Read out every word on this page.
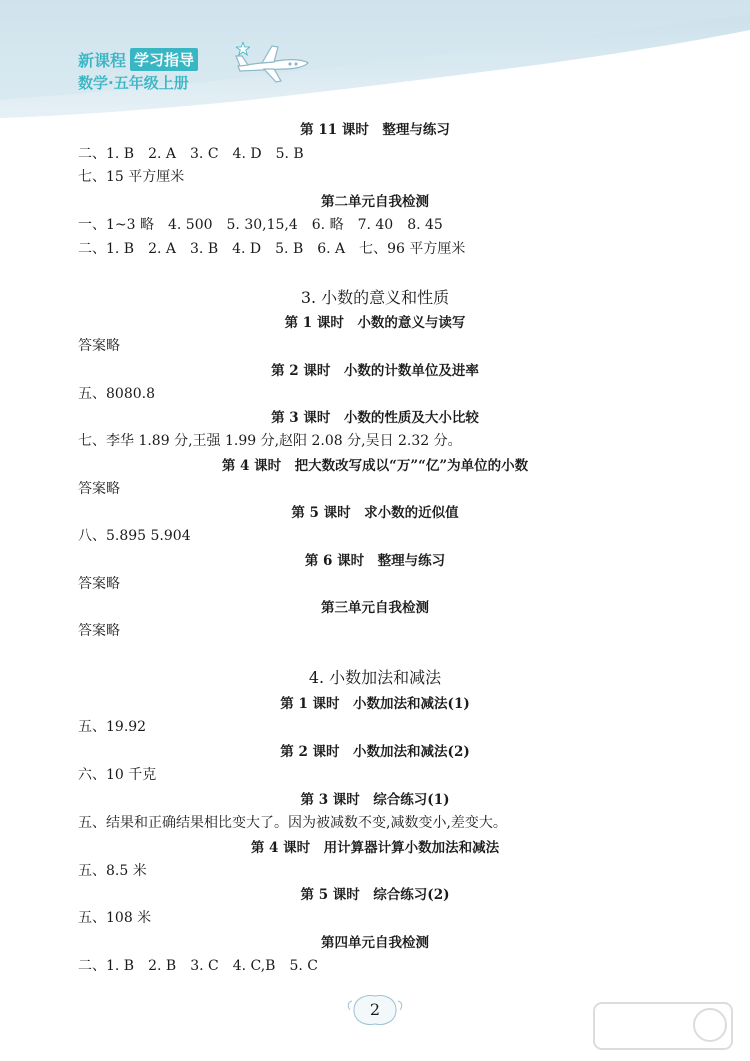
新课程 学习指导
数学·五年级上册
第 11 课时　整理与练习
二、1. B　2. A　3. C　4. D　5. B
七、15 平方厘米
第二单元自我检测
一、1~3 略　4. 500　5. 30,15,4　6. 略　7. 40　8. 45
二、1. B　2. A　3. B　4. D　5. B　6. A　七、96 平方厘米
3. 小数的意义和性质
第 1 课时　小数的意义与读写
答案略
第 2 课时　小数的计数单位及进率
五、8080.8
第 3 课时　小数的性质及大小比较
七、李华 1.89 分,王强 1.99 分,赵阳 2.08 分,吴日 2.32 分。
第 4 课时　把大数改写成以“万”“亿”为单位的小数
答案略
第 5 课时　求小数的近似值
八、5.895 5.904
第 6 课时　整理与练习
答案略
第三单元自我检测
答案略
4. 小数加法和减法
第 1 课时　小数加法和减法(1)
五、19.92
第 2 课时　小数加法和减法(2)
六、10 千克
第 3 课时　综合练习(1)
五、结果和正确结果相比变大了。因为被减数不变,减数变小,差变大。
第 4 课时　用计算器计算小数加法和减法
五、8.5 米
第 5 课时　综合练习(2)
五、108 米
第四单元自我检测
二、1. B　2. B　3. C　4. C,B　5. C
2
